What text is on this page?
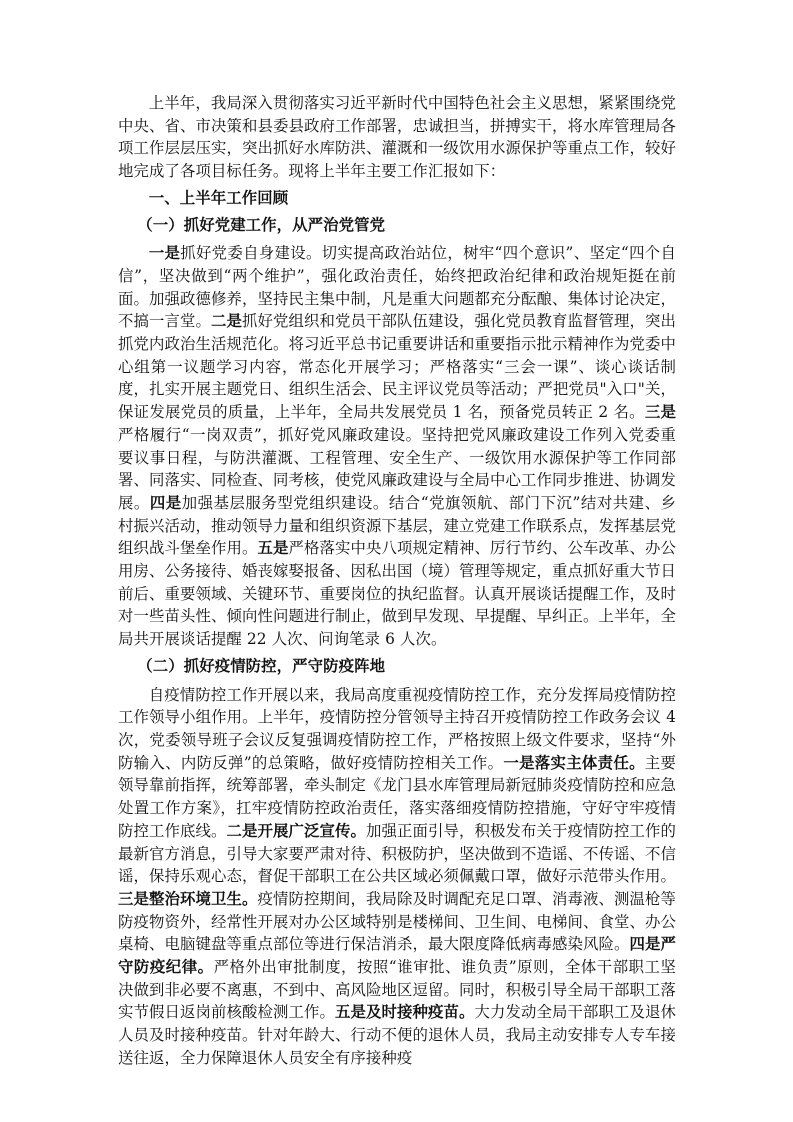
上半年，我局深入贯彻落实习近平新时代中国特色社会主义思想，紧紧围绕党中央、省、市决策和县委县政府工作部署，忠诚担当，拼搏实干，将水库管理局各项工作层层压实，突出抓好水库防洪、灌溉和一级饮用水源保护等重点工作，较好地完成了各项目标任务。现将上半年主要工作汇报如下：

一、上半年工作回顾

（一）抓好党建工作，从严治党管党

一是抓好党委自身建设。切实提高政治站位，树牢“四个意识”、坚定“四个自信”，坚决做到“两个维护”，强化政治责任，始终把政治纪律和政治规矩挺在前面。加强政德修养，坚持民主集中制，凡是重大问题都充分酝酿、集体讨论决定，不搞一言堂。二是抓好党组织和党员干部队伍建设，强化党员教育监督管理，突出抓党内政治生活规范化。将习近平总书记重要讲话和重要指示批示精神作为党委中心组第一议题学习内容，常态化开展学习；严格落实“三会一课”、谈心谈话制度，扎实开展主题党日、组织生活会、民主评议党员等活动；严把党员"入口"关，保证发展党员的质量，上半年，全局共发展党员 1 名，预备党员转正 2 名。三是严格履行“一岗双责”，抓好党风廉政建设。坚持把党风廉政建设工作列入党委重要议事日程，与防洪灌溉、工程管理、安全生产、一级饮用水源保护等工作同部署、同落实、同检查、同考核，使党风廉政建设与全局中心工作同步推进、协调发展。四是加强基层服务型党组织建设。结合“党旗领航、部门下沉”结对共建、乡村振兴活动，推动领导力量和组织资源下基层，建立党建工作联系点，发挥基层党组织战斗堡垒作用。五是严格落实中央八项规定精神、厉行节约、公车改革、办公用房、公务接待、婚丧嫁娶报备、因私出国（境）管理等规定，重点抓好重大节日前后、重要领域、关键环节、重要岗位的执纪监督。认真开展谈话提醒工作，及时对一些苗头性、倾向性问题进行制止，做到早发现、早提醒、早纠正。上半年，全局共开展谈话提醒 22 人次、问询笔录 6 人次。

（二）抓好疫情防控，严守防疫阵地

自疫情防控工作开展以来，我局高度重视疫情防控工作，充分发挥局疫情防控工作领导小组作用。上半年，疫情防控分管领导主持召开疫情防控工作政务会议 4 次，党委领导班子会议反复强调疫情防控工作，严格按照上级文件要求，坚持“外防输入、内防反弹”的总策略，做好疫情防控相关工作。一是落实主体责任。主要领导靠前指挥，统筹部署，牵头制定《龙门县水库管理局新冠肺炎疫情防控和应急处置工作方案》，扛牢疫情防控政治责任，落实落细疫情防控措施，守好守牢疫情防控工作底线。二是开展广泛宣传。加强正面引导，积极发布关于疫情防控工作的最新官方消息，引导大家要严肃对待、积极防护，坚决做到不造谣、不传谣、不信谣，保持乐观心态，督促干部职工在公共区域必须佩戴口罩，做好示范带头作用。三是整治环境卫生。疫情防控期间，我局除及时调配充足口罩、消毒液、测温枪等防疫物资外，经常性开展对办公区域特别是楼梯间、卫生间、电梯间、食堂、办公桌椅、电脑键盘等重点部位等进行保洁消杀，最大限度降低病毒感染风险。四是严守防疫纪律。严格外出审批制度，按照“谁审批、谁负责”原则，全体干部职工坚决做到非必要不离惠，不到中、高风险地区逗留。同时，积极引导全局干部职工落实节假日返岗前核酸检测工作。五是及时接种疫苗。大力发动全局干部职工及退休人员及时接种疫苗。针对年龄大、行动不便的退休人员，我局主动安排专人专车接送往返，全力保障退休人员安全有序接种疫
